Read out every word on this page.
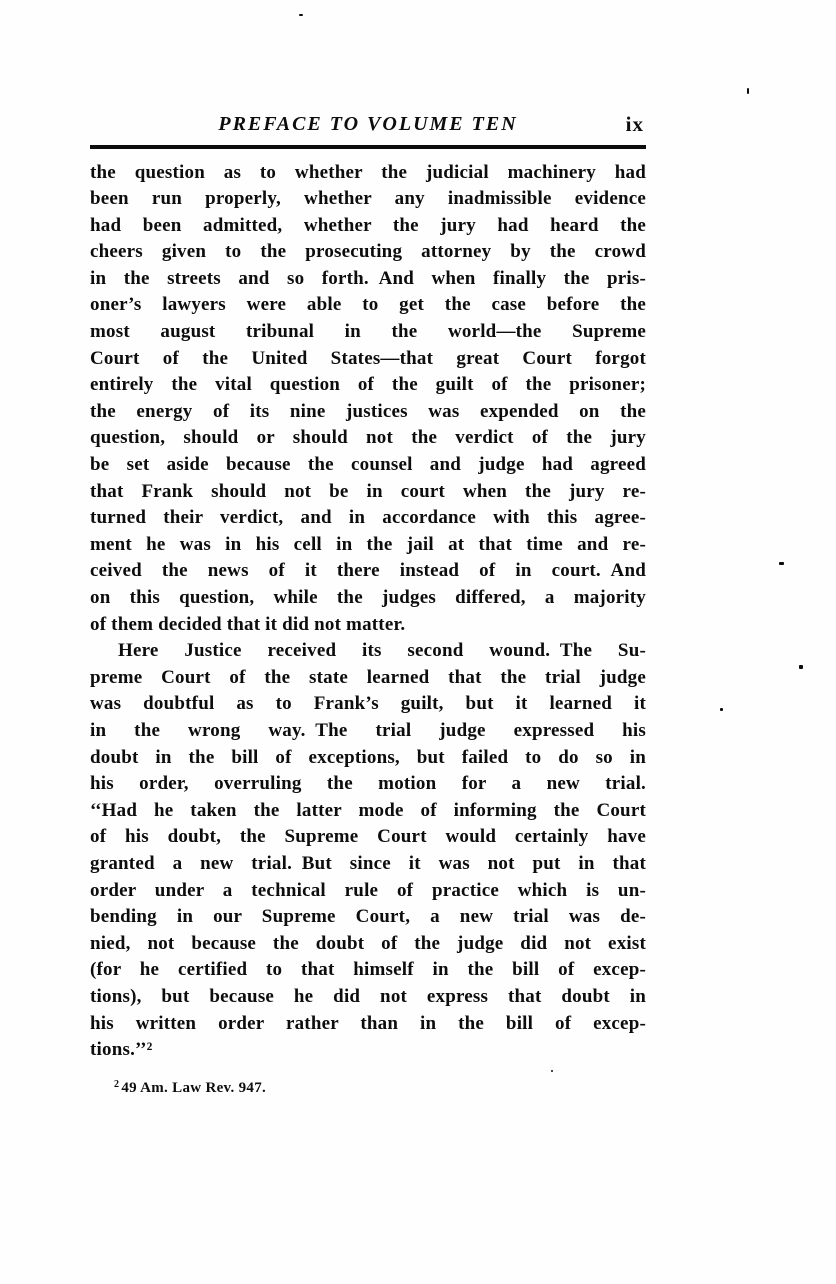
PREFACE TO VOLUME TEN	ix
the question as to whether the judicial machinery had
been run properly, whether any inadmissible evidence
had been admitted, whether the jury had heard the
cheers given to the prosecuting attorney by the crowd
in the streets and so forth. And when finally the pris-
oner’s lawyers were able to get the case before the
most august tribunal in the world—the Supreme
Court of the United States—that great Court forgot
entirely the vital question of the guilt of the prisoner;
the energy of its nine justices was expended on the
question, should or should not the verdict of the jury
be set aside because the counsel and judge had agreed
that Frank should not be in court when the jury re-
turned their verdict, and in accordance with this agree-
ment he was in his cell in the jail at that time and re-
ceived the news of it there instead of in court. And
on this question, while the judges differed, a majority
of them decided that it did not matter.
Here Justice received its second wound. The Su-
preme Court of the state learned that the trial judge
was doubtful as to Frank’s guilt, but it learned it
in the wrong way. The trial judge expressed his
doubt in the bill of exceptions, but failed to do so in
his order, overruling the motion for a new trial.
‘‘Had he taken the latter mode of informing the Court
of his doubt, the Supreme Court would certainly have
granted a new trial. But since it was not put in that
order under a technical rule of practice which is un-
bending in our Supreme Court, a new trial was de-
nied, not because the doubt of the judge did not exist
(for he certified to that himself in the bill of excep-
tions), but because he did not express that doubt in
his written order rather than in the bill of excep-
tions.’’²
$^2$ 49 Am. Law Rev. 947.
